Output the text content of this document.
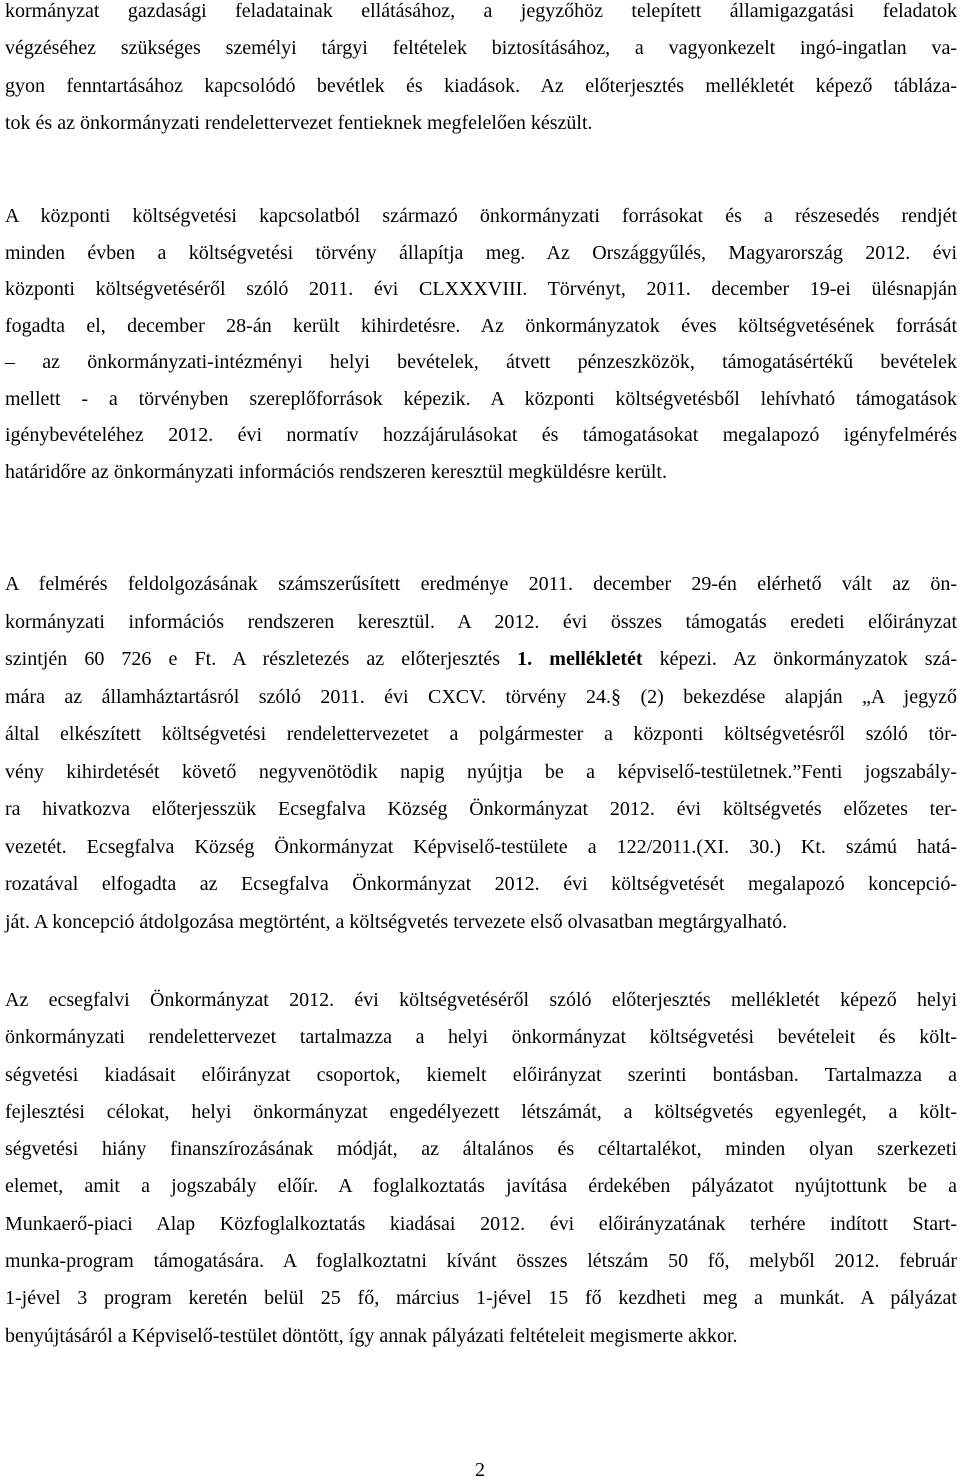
kormányzat gazdasági feladatainak ellátásához, a jegyzőhöz telepített államigazgatási feladatok
végzéséhez szükséges személyi tárgyi feltételek biztosításához, a vagyonkezelt ingó-ingatlan va-
gyon fenntartásához kapcsolódó bevétlek és kiadások. Az előterjesztés mellékletét képező tábláza-
tok és az önkormányzati rendelettervezet fentieknek megfelelően készült.
A központi költségvetési kapcsolatból származó önkormányzati forrásokat és a részesedés rendjét
minden évben a költségvetési törvény állapítja meg. Az Országgyűlés, Magyarország 2012. évi
központi költségvetéséről szóló 2011. évi CLXXXVIII. Törvényt, 2011. december 19-ei ülésnapján
fogadta el, december 28-án került kihirdetésre. Az önkormányzatok éves költségvetésének forrását
– az önkormányzati-intézményi helyi bevételek, átvett pénzeszközök, támogatásértékű bevételek
mellett - a törvényben szereplőforrások képezik. A központi költségvetésből lehívható támogatások
igénybevételéhez 2012. évi normatív hozzájárulásokat és támogatásokat megalapozó igényfelmérés
határidőre az önkormányzati információs rendszeren keresztül megküldésre került.
A felmérés feldolgozásának számszerűsített eredménye 2011. december 29-én elérhető vált az ön-
kormányzati információs rendszeren keresztül. A 2012. évi összes támogatás eredeti előirányzat
szintjén 60 726 e Ft. A részletezés az előterjesztés 1. mellékletét képezi. Az önkormányzatok szá-
mára az államháztartásról szóló 2011. évi CXCV. törvény 24.§ (2) bekezdése alapján „A jegyző
által elkészített költségvetési rendelettervezetet a polgármester a központi költségvetésről szóló tör-
vény kihirdetését követő negyvenötödik napig nyújtja be a képviselő-testületnek.”Fenti jogszabály-
ra hivatkozva előterjesszük Ecsegfalva Község Önkormányzat 2012. évi költségvetés előzetes ter-
vezetét. Ecsegfalva Község Önkormányzat Képviselő-testülete a 122/2011.(XI. 30.) Kt. számú hatá-
rozatával elfogadta az Ecsegfalva Önkormányzat 2012. évi költségvetését megalapozó koncepció-
ját. A koncepció átdolgozása megtörtént, a költségvetés tervezete első olvasatban megtárgyalható.
Az ecsegfalvi Önkormányzat 2012. évi költségvetéséről szóló előterjesztés mellékletét képező helyi
önkormányzati rendelettervezet tartalmazza a helyi önkormányzat költségvetési bevételeit és költ-
ségvetési kiadásait előirányzat csoportok, kiemelt előirányzat szerinti bontásban. Tartalmazza a
fejlesztési célokat, helyi önkormányzat engedélyezett létszámát, a költségvetés egyenlegét, a költ-
ségvetési hiány finanszírozásának módját, az általános és céltartalékot, minden olyan szerkezeti
elemet, amit a jogszabály előír. A foglalkoztatás javítása érdekében pályázatot nyújtottunk be a
Munkaerő-piaci Alap Közfoglalkoztatás kiadásai 2012. évi előirányzatának terhére indított Start-
munka-program támogatására. A foglalkoztatni kívánt összes létszám 50 fő, melyből 2012. február
1-jével 3 program keretén belül 25 fő, március 1-jével 15 fő kezdheti meg a munkát. A pályázat
benyújtásáról a Képviselő-testület döntött, így annak pályázati feltételeit megismerte akkor.
2
